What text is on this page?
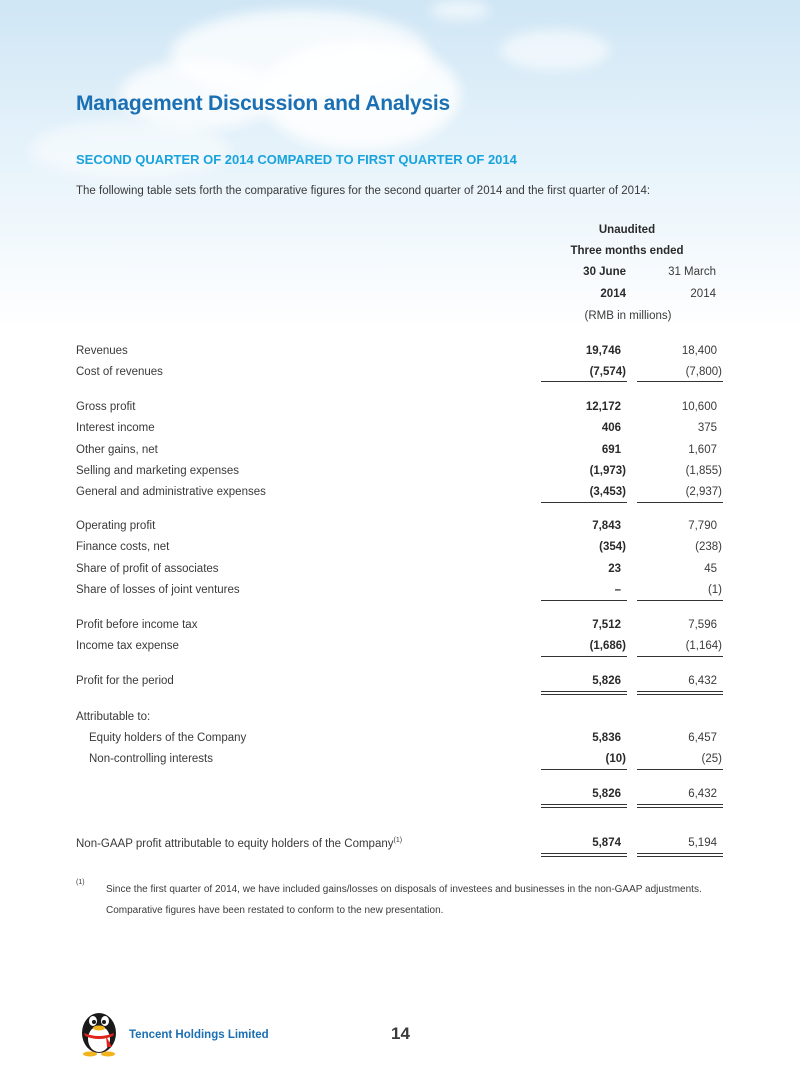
Management Discussion and Analysis
SECOND QUARTER OF 2014 COMPARED TO FIRST QUARTER OF 2014
The following table sets forth the comparative figures for the second quarter of 2014 and the first quarter of 2014:
Unaudited
Three months ended
30 June	31 March
2014	2014
(RMB in millions)
Revenues	19,746	18,400
Cost of revenues	(7,574)	(7,800)
Gross profit	12,172	10,600
Interest income	406	375
Other gains, net	691	1,607
Selling and marketing expenses	(1,973)	(1,855)
General and administrative expenses	(3,453)	(2,937)
Operating profit	7,843	7,790
Finance costs, net	(354)	(238)
Share of profit of associates	23	45
Share of losses of joint ventures	–	(1)
Profit before income tax	7,512	7,596
Income tax expense	(1,686)	(1,164)
Profit for the period	5,826	6,432
Attributable to:
Equity holders of the Company	5,836	6,457
Non-controlling interests	(10)	(25)
5,826	6,432
Non-GAAP profit attributable to equity holders of the Company$^{(1)}$	5,874	5,194
(1)
Since the first quarter of 2014, we have included gains/losses on disposals of investees and businesses in the non-GAAP adjustments. Comparative figures have been restated to conform to the new presentation.
Tencent Holdings Limited	14
